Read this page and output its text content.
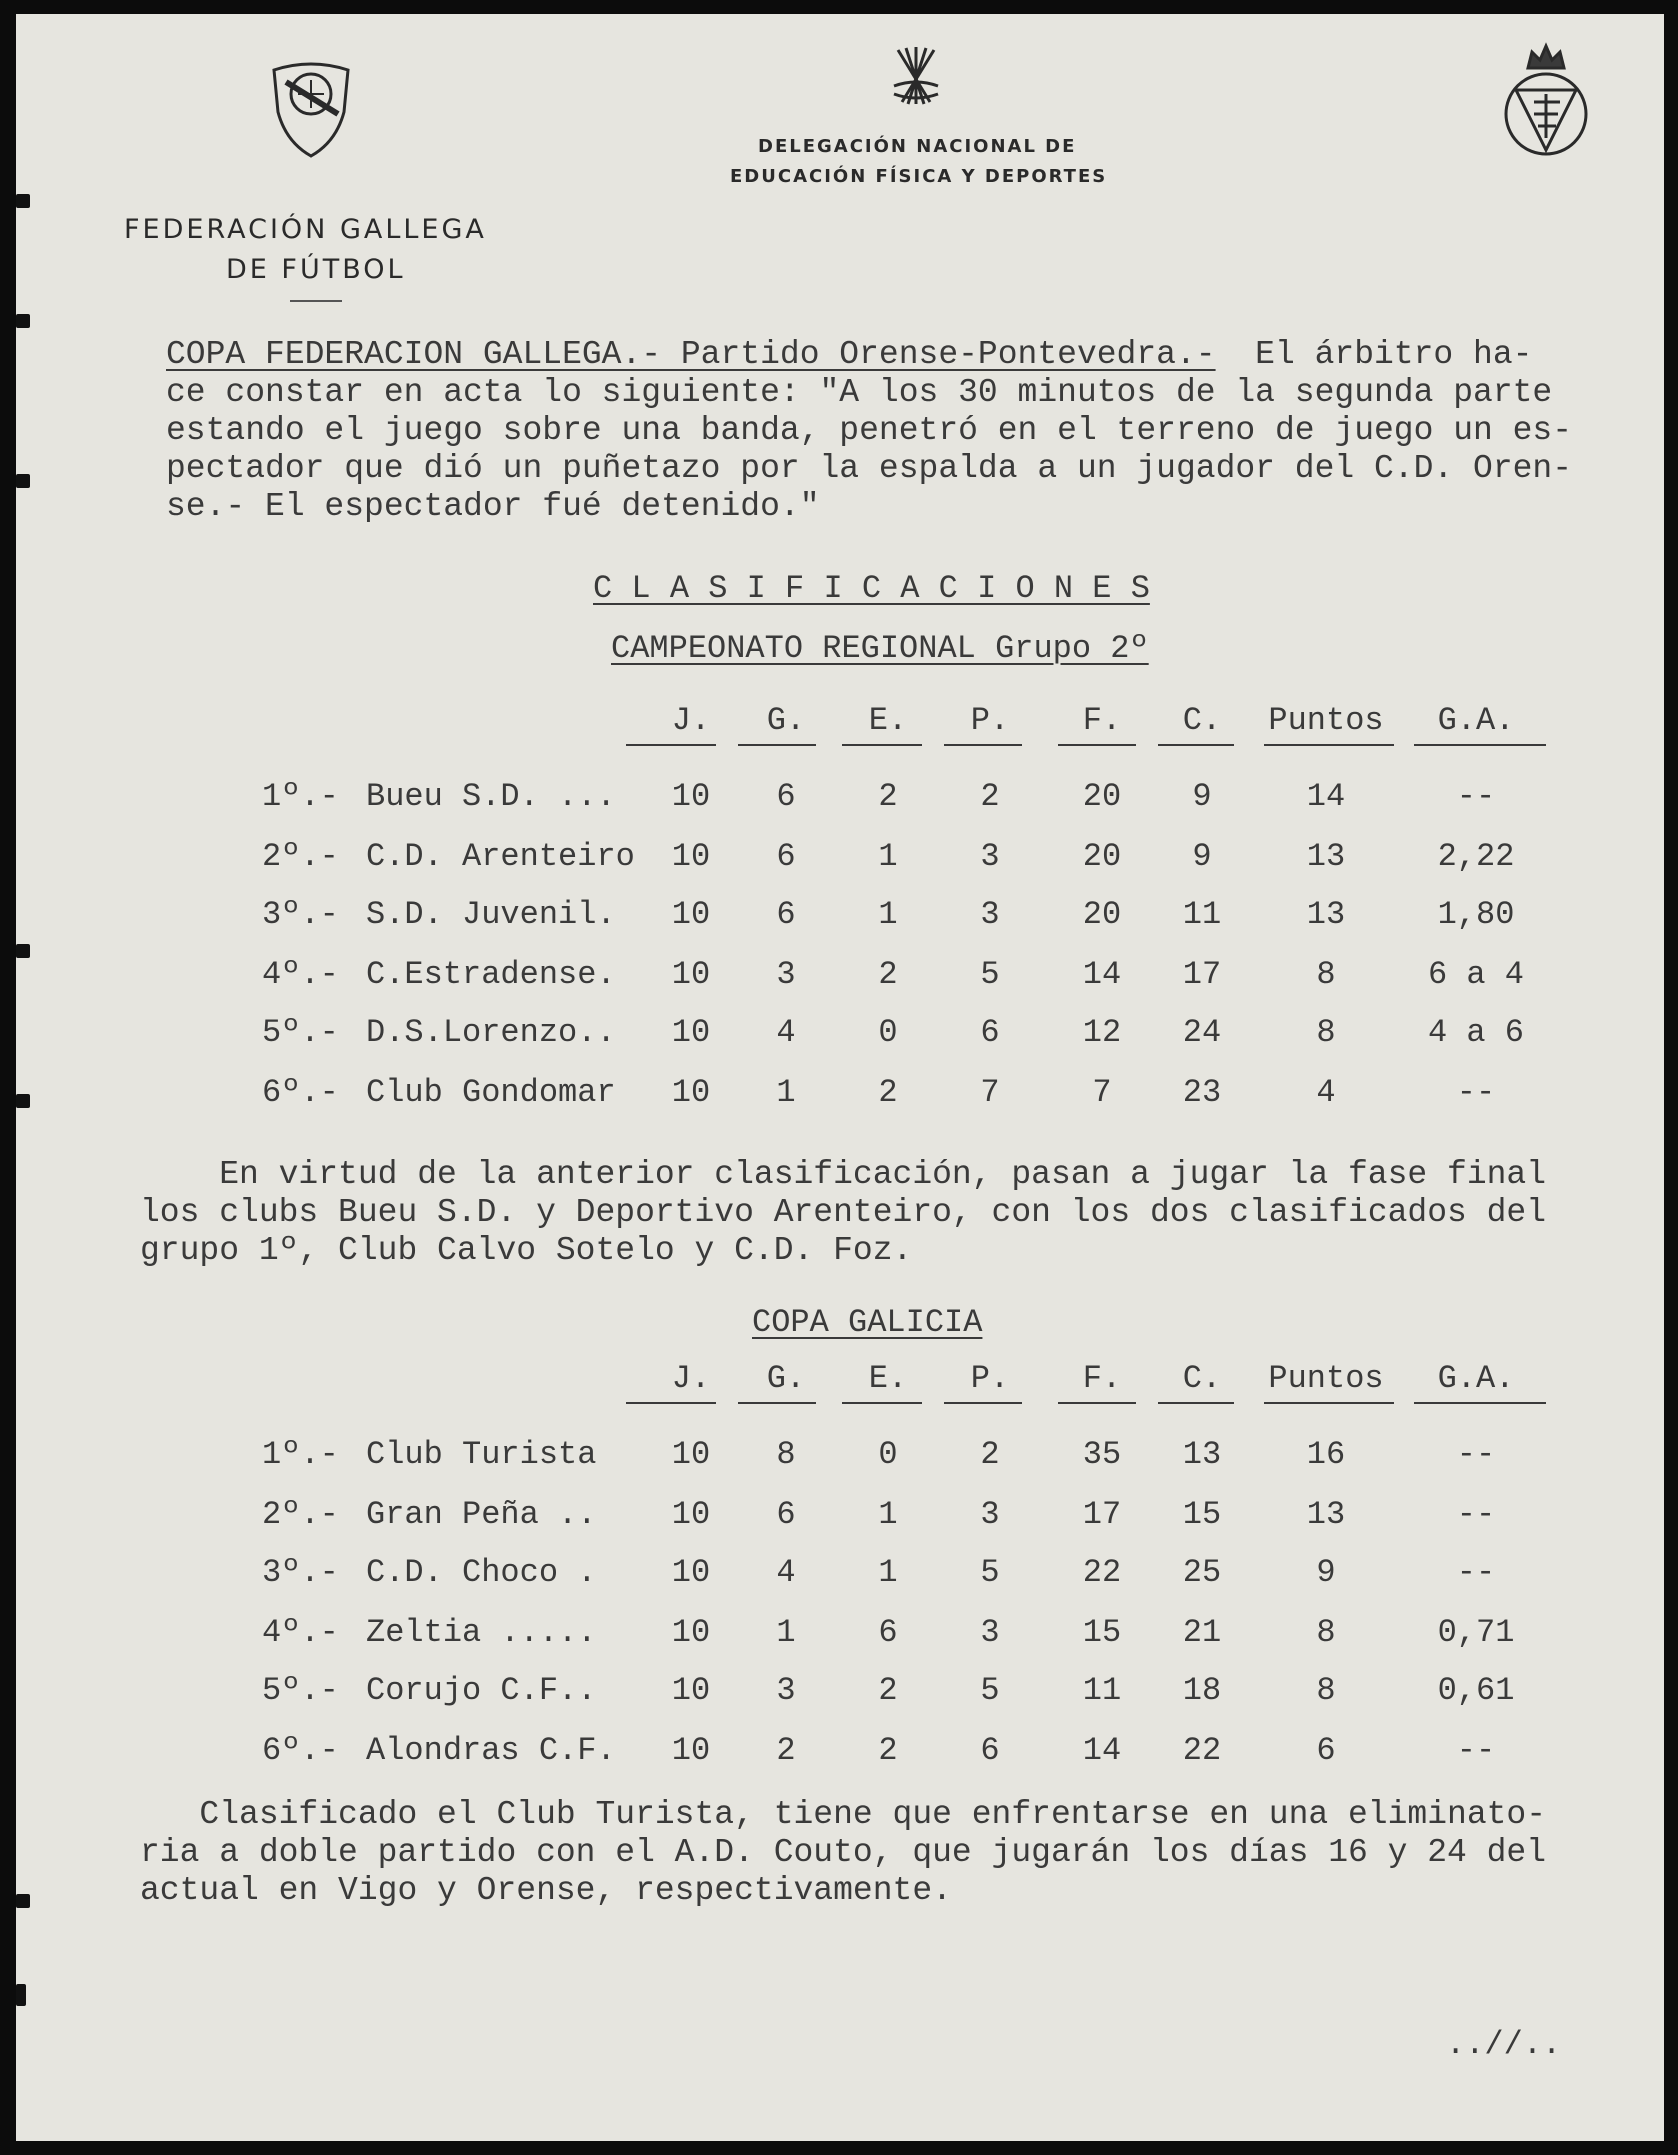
FEDERACIÓN GALLEGA
DE FÚTBOL
DELEGACIÓN NACIONAL DE
EDUCACIÓN FÍSICA Y DEPORTES
COPA FEDERACION GALLEGA.- Partido Orense-Pontevedra.-  El árbitro ha-
ce constar en acta lo siguiente: "A los 30 minutos de la segunda parte
estando el juego sobre una banda, penetró en el terreno de juego un es-
pectador que dió un puñetazo por la espalda a un jugador del C.D. Oren-
se.- El espectador fué detenido."
C L A S I F I C A C I O N E S
CAMPEONATO REGIONAL Grupo 2º
J. G. E. P. F. C. Puntos G.A.
1º.- Bueu S.D. ... 10 6	2	2	20 9	14	--
2º.- C.D. Arenteiro 10 6	1	3	20 9	13	2,22
3º.- S.D. Juvenil. 10 6	1	3	20 11	13	1,80
4º.- C.Estradense. 10 3	2	5	14 17	8	6 a 4
5º.- D.S.Lorenzo.. 10 4	0	6	12 24	8	4 a 6
6º.- Club Gondomar 10 1	2	7	7 23	4	--
En virtud de la anterior clasificación, pasan a jugar la fase final
los clubs Bueu S.D. y Deportivo Arenteiro, con los dos clasificados del
grupo 1º, Club Calvo Sotelo y C.D. Foz.
COPA GALICIA
J. G. E. P. F. C. Puntos G.A.
1º.- Club Turista 10 8	0	2	35 13	16	--
2º.- Gran Peña .. 10 6	1	3	17 15	13	--
3º.- C.D. Choco . 10 4	1	5	22 25	9	--
4º.- Zeltia ..... 10 1	6	3	15 21	8	0,71
5º.- Corujo C.F.. 10 3	2	5	11 18	8	0,61
6º.- Alondras C.F. 10 2	2	6	14 22	6	--
Clasificado el Club Turista, tiene que enfrentarse en una eliminato-
ria a doble partido con el A.D. Couto, que jugarán los días 16 y 24 del
actual en Vigo y Orense, respectivamente.
..//..
